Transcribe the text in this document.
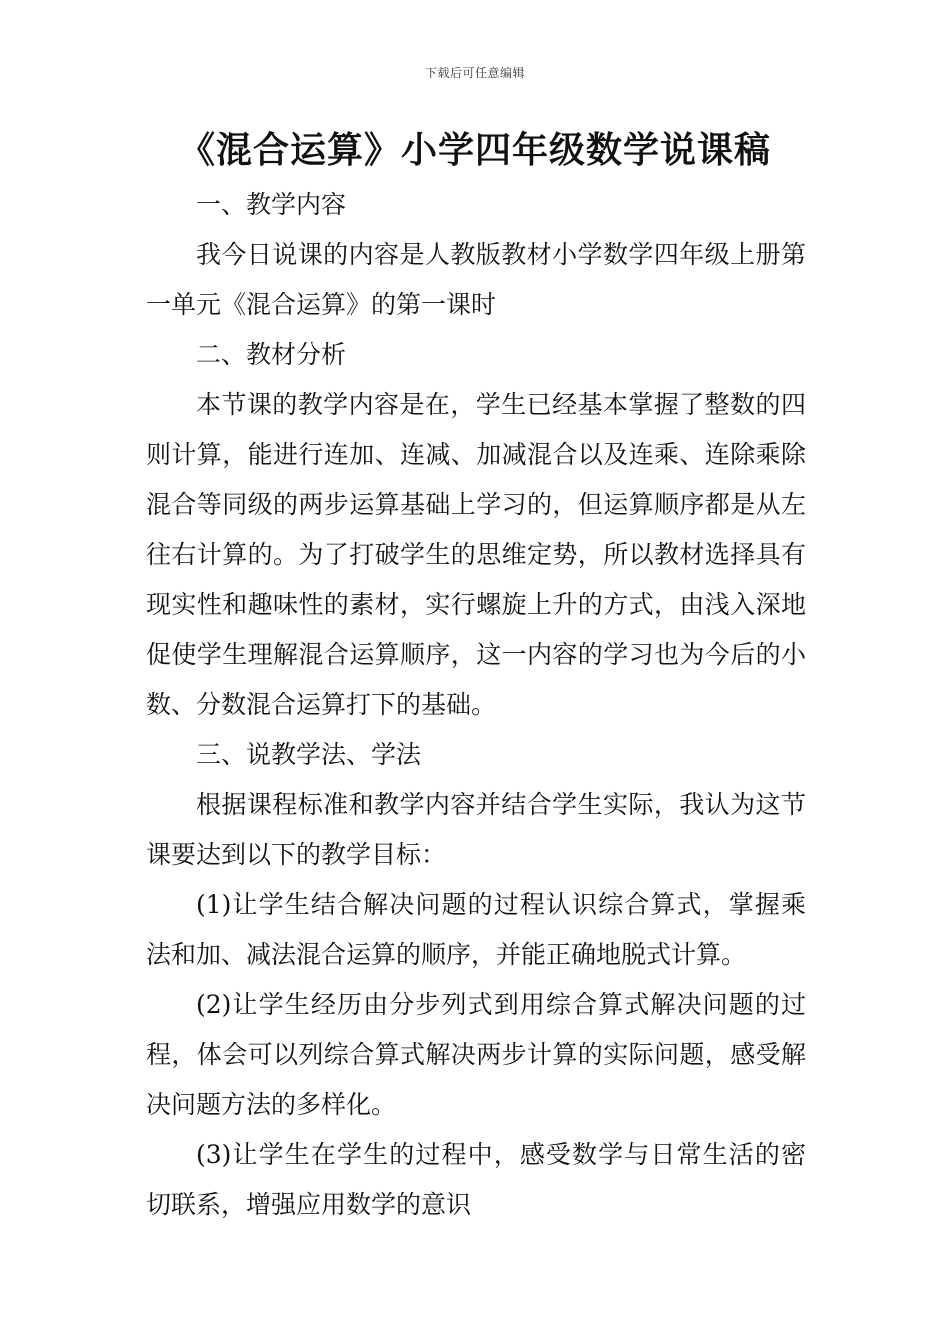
下载后可任意编辑
《混合运算》小学四年级数学说课稿

一、教学内容

我今日说课的内容是人教版教材小学数学四年级上册第一单元《混合运算》的第一课时

二、教材分析

本节课的教学内容是在，学生已经基本掌握了整数的四则计算，能进行连加、连减、加减混合以及连乘、连除乘除混合等同级的两步运算基础上学习的，但运算顺序都是从左往右计算的。为了打破学生的思维定势，所以教材选择具有现实性和趣味性的素材，实行螺旋上升的方式，由浅入深地促使学生理解混合运算顺序，这一内容的学习也为今后的小数、分数混合运算打下的基础。

三、说教学法、学法

根据课程标准和教学内容并结合学生实际，我认为这节课要达到以下的教学目标：

(1)让学生结合解决问题的过程认识综合算式，掌握乘法和加、减法混合运算的顺序，并能正确地脱式计算。

(2)让学生经历由分步列式到用综合算式解决问题的过程，体会可以列综合算式解决两步计算的实际问题，感受解决问题方法的多样化。

(3)让学生在学生的过程中，感受数学与日常生活的密切联系，增强应用数学的意识
